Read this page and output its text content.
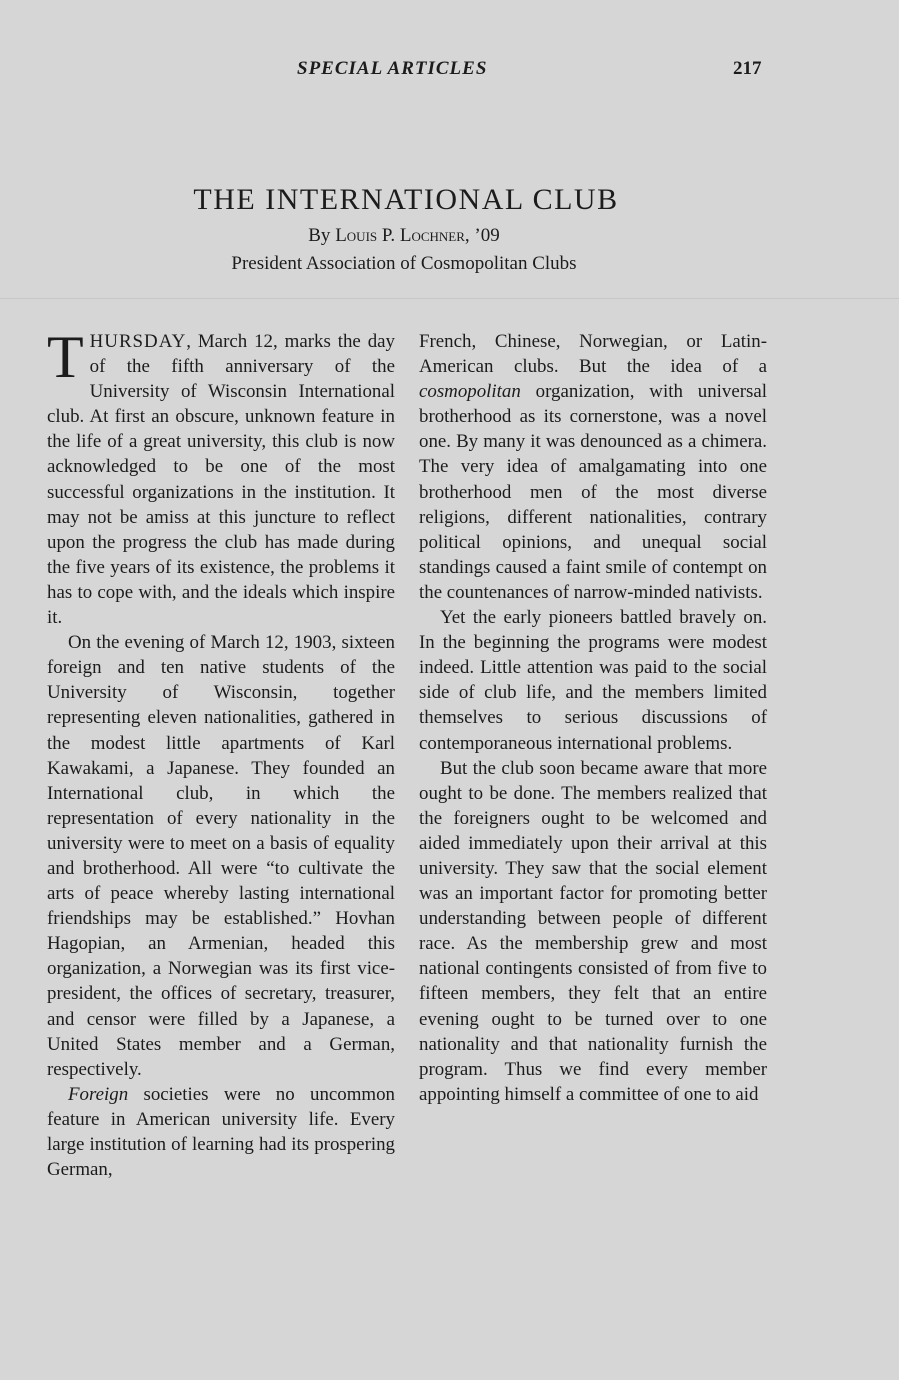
SPECIAL ARTICLES	217
THE INTERNATIONAL CLUB
By Louis P. Lochner, ’09
President Association of Cosmopolitan Clubs

THURSDAY, March 12, marks the day of the fifth anniversary of the University of Wisconsin International club. At first an obscure, unknown feature in the life of a great university, this club is now acknowledged to be one of the most successful organizations in the institution. It may not be amiss at this juncture to reflect upon the progress the club has made during the five years of its existence, the problems it has to cope with, and the ideals which inspire it.

On the evening of March 12, 1903, sixteen foreign and ten native students of the University of Wisconsin, together representing eleven nationalities, gathered in the modest little apartments of Karl Kawakami, a Japanese. They founded an International club, in which the representation of every nationality in the university were to meet on a basis of equality and brotherhood. All were “to cultivate the arts of peace whereby lasting international friendships may be established.” Hovhan Hagopian, an Armenian, headed this organization, a Norwegian was its first vice-president, the offices of secretary, treasurer, and censor were filled by a Japanese, a United States member and a German, respectively.

Foreign societies were no uncommon feature in American university life. Every large institution of learning had its prospering German,

French, Chinese, Norwegian, or Latin-American clubs. But the idea of a cosmopolitan organization, with universal brotherhood as its cornerstone, was a novel one. By many it was denounced as a chimera. The very idea of amalgamating into one brotherhood men of the most diverse religions, different nationalities, contrary political opinions, and unequal social standings caused a faint smile of contempt on the countenances of narrow-minded nativists.

Yet the early pioneers battled bravely on. In the beginning the programs were modest indeed. Little attention was paid to the social side of club life, and the members limited themselves to serious discussions of contemporaneous international problems.

But the club soon became aware that more ought to be done. The members realized that the foreigners ought to be welcomed and aided immediately upon their arrival at this university. They saw that the social element was an important factor for promoting better understanding between people of different race. As the membership grew and most national contingents consisted of from five to fifteen members, they felt that an entire evening ought to be turned over to one nationality and that nationality furnish the program. Thus we find every member appointing himself a committee of one to aid
